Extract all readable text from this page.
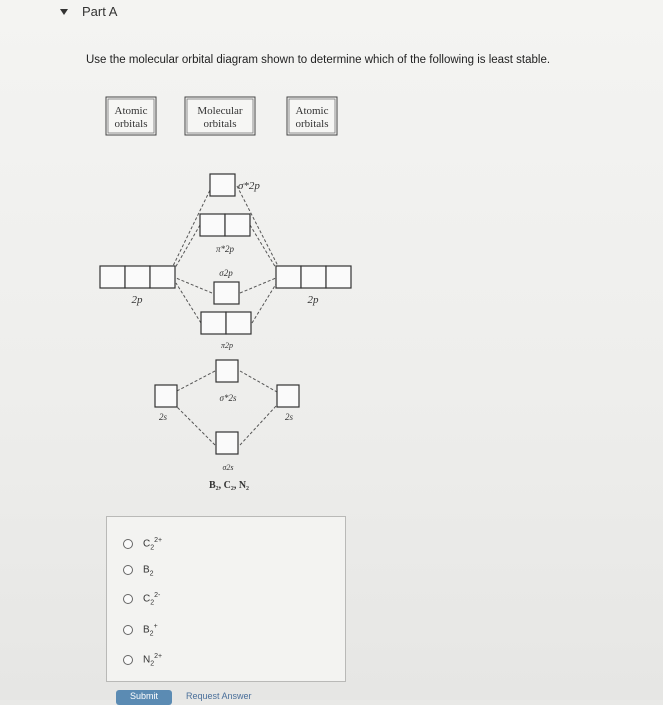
Part A
Use the molecular orbital diagram shown to determine which of the following is least stable.
Atomic
orbitals
Molecular
orbitals
Atomic
orbitals
2p	2p
2s	2s
σ*2p
π*2p
σ2p
π2p
σ*2s
σ2s
B₂, C₂, N₂
$C_2^{2+}$
$B_2$
$C_2^{2-}$
$B_2^+$
$N_2^{2+}$
Submit	Request Answer
